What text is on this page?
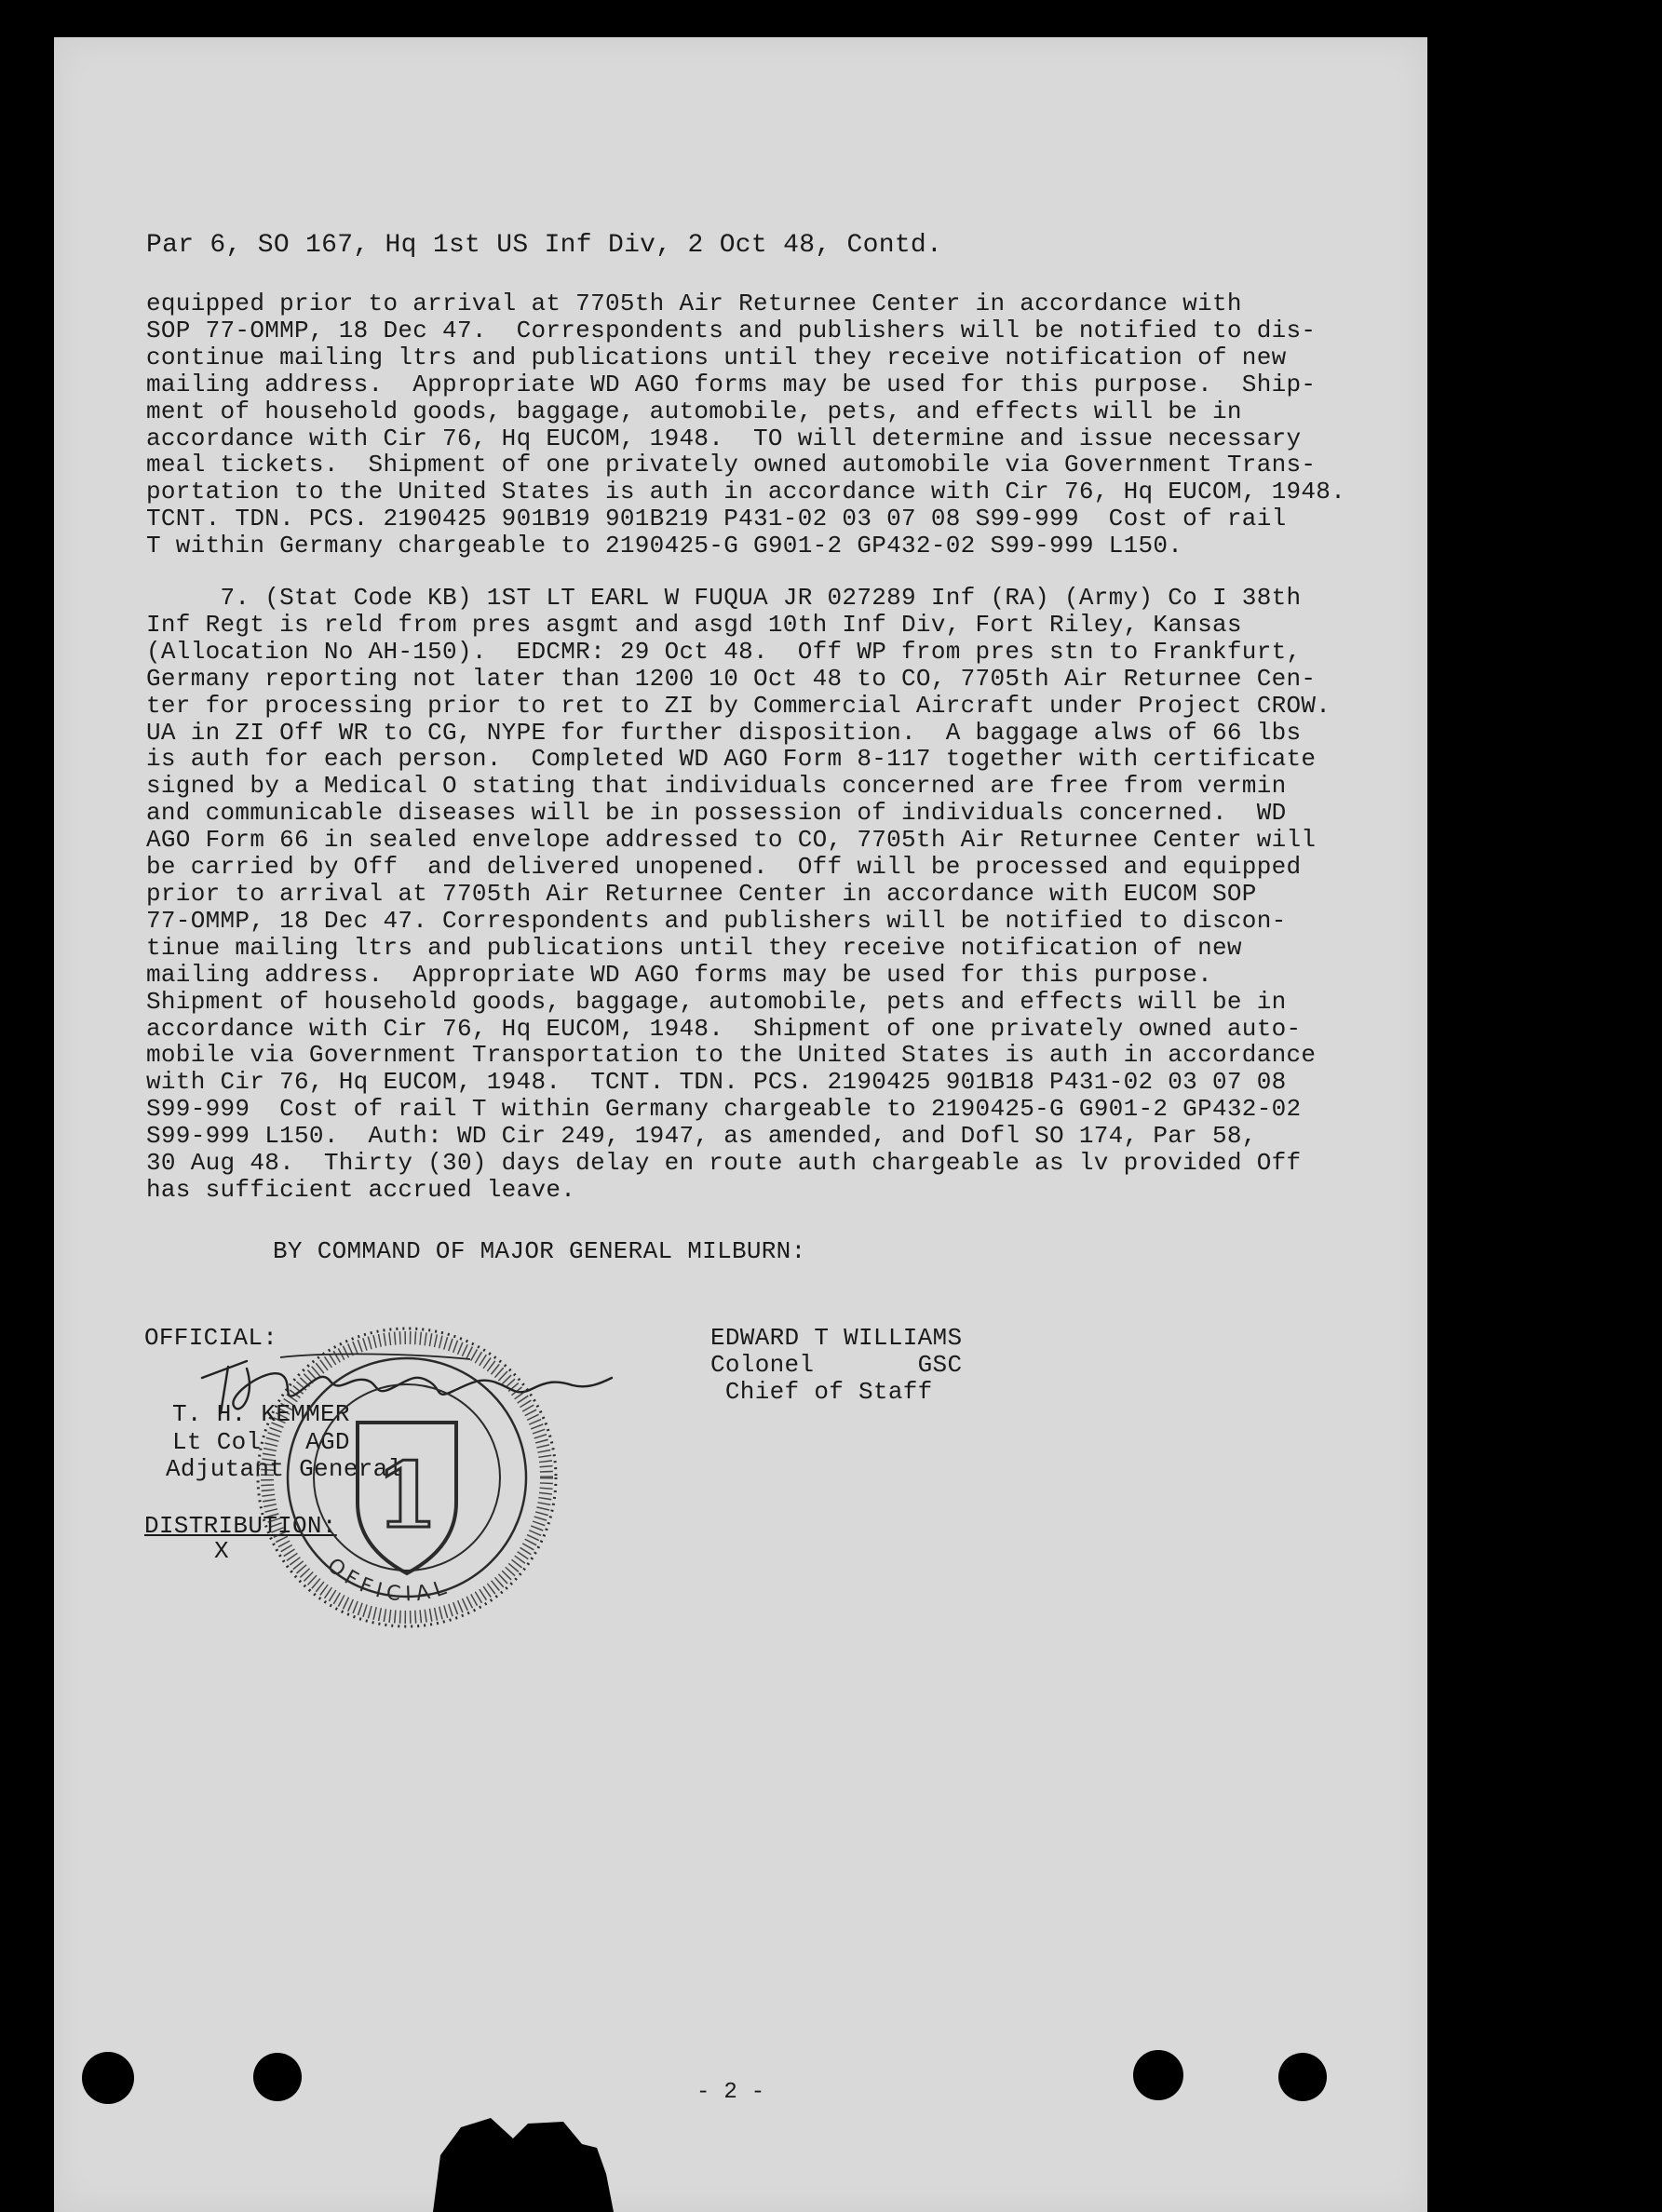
Par 6, SO 167, Hq 1st US Inf Div, 2 Oct 48, Contd.
equipped prior to arrival at 7705th Air Returnee Center in accordance with
SOP 77-OMMP, 18 Dec 47.  Correspondents and publishers will be notified to dis-
continue mailing ltrs and publications until they receive notification of new
mailing address.  Appropriate WD AGO forms may be used for this purpose.  Ship-
ment of household goods, baggage, automobile, pets, and effects will be in
accordance with Cir 76, Hq EUCOM, 1948.  TO will determine and issue necessary
meal tickets.  Shipment of one privately owned automobile via Government Trans-
portation to the United States is auth in accordance with Cir 76, Hq EUCOM, 1948.
TCNT. TDN. PCS. 2190425 901B19 901B219 P431-02 03 07 08 S99-999  Cost of rail
T within Germany chargeable to 2190425-G G901-2 GP432-02 S99-999 L150.
7. (Stat Code KB) 1ST LT EARL W FUQUA JR 027289 Inf (RA) (Army) Co I 38th
Inf Regt is reld from pres asgmt and asgd 10th Inf Div, Fort Riley, Kansas
(Allocation No AH-150).  EDCMR: 29 Oct 48.  Off WP from pres stn to Frankfurt,
Germany reporting not later than 1200 10 Oct 48 to CO, 7705th Air Returnee Cen-
ter for processing prior to ret to ZI by Commercial Aircraft under Project CROW.
UA in ZI Off WR to CG, NYPE for further disposition.  A baggage alws of 66 lbs
is auth for each person.  Completed WD AGO Form 8-117 together with certificate
signed by a Medical O stating that individuals concerned are free from vermin
and communicable diseases will be in possession of individuals concerned.  WD
AGO Form 66 in sealed envelope addressed to CO, 7705th Air Returnee Center will
be carried by Off  and delivered unopened.  Off will be processed and equipped
prior to arrival at 7705th Air Returnee Center in accordance with EUCOM SOP
77-OMMP, 18 Dec 47. Correspondents and publishers will be notified to discon-
tinue mailing ltrs and publications until they receive notification of new
mailing address.  Appropriate WD AGO forms may be used for this purpose.
Shipment of household goods, baggage, automobile, pets and effects will be in
accordance with Cir 76, Hq EUCOM, 1948.  Shipment of one privately owned auto-
mobile via Government Transportation to the United States is auth in accordance
with Cir 76, Hq EUCOM, 1948.  TCNT. TDN. PCS. 2190425 901B18 P431-02 03 07 08
S99-999  Cost of rail T within Germany chargeable to 2190425-G G901-2 GP432-02
S99-999 L150.  Auth: WD Cir 249, 1947, as amended, and Dofl SO 174, Par 58,
30 Aug 48.  Thirty (30) days delay en route auth chargeable as lv provided Off
has sufficient accrued leave.
BY COMMAND OF MAJOR GENERAL MILBURN:
OFFICIAL:
T. H. KEMMER
Lt Col   AGD
Adjutant General
DISTRIBUTION:
X
EDWARD T WILLIAMS
Colonel       GSC
Chief of Staff
1
OFFICIAL
- 2 -
